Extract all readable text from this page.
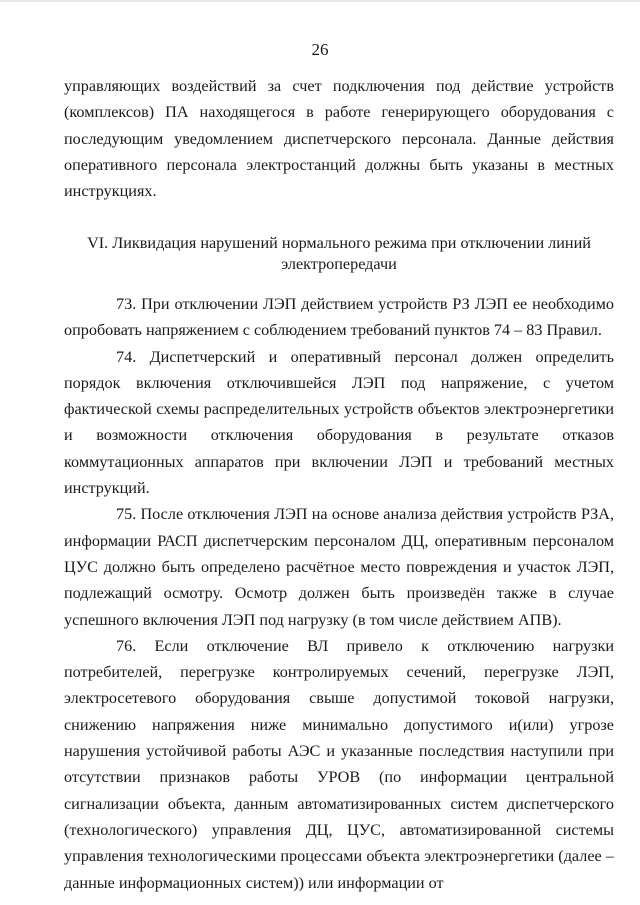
26

управляющих воздействий за счет подключения под действие устройств (комплексов) ПА находящегося в работе генерирующего оборудования с последующим уведомлением диспетчерского персонала. Данные действия оперативного персонала электростанций должны быть указаны в местных инструкциях.

VI. Ликвидация нарушений нормального режима при отключении линий
электропередачи

73. При отключении ЛЭП действием устройств РЗ ЛЭП ее необходимо опробовать напряжением с соблюдением требований пунктов 74 – 83 Правил.

74. Диспетчерский и оперативный персонал должен определить порядок включения отключившейся ЛЭП под напряжение, с учетом фактической схемы распределительных устройств объектов электроэнергетики и возможности отключения оборудования в результате отказов коммутационных аппаратов при включении ЛЭП и требований местных инструкций.

75. После отключения ЛЭП на основе анализа действия устройств РЗА, информации РАСП диспетчерским персоналом ДЦ, оперативным персоналом ЦУС должно быть определено расчётное место повреждения и участок ЛЭП, подлежащий осмотру. Осмотр должен быть произведён также в случае успешного включения ЛЭП под нагрузку (в том числе действием АПВ).

76. Если отключение ВЛ привело к отключению нагрузки потребителей, перегрузке контролируемых сечений, перегрузке ЛЭП, электросетевого оборудования свыше допустимой токовой нагрузки, снижению напряжения ниже минимально допустимого и(или) угрозе нарушения устойчивой работы АЭС и указанные последствия наступили при отсутствии признаков работы УРОВ (по информации центральной сигнализации объекта, данным автоматизированных систем диспетчерского (технологического) управления ДЦ, ЦУС, автоматизированной системы управления технологическими процессами объекта электроэнергетики (далее – данные информационных систем)) или информации от
